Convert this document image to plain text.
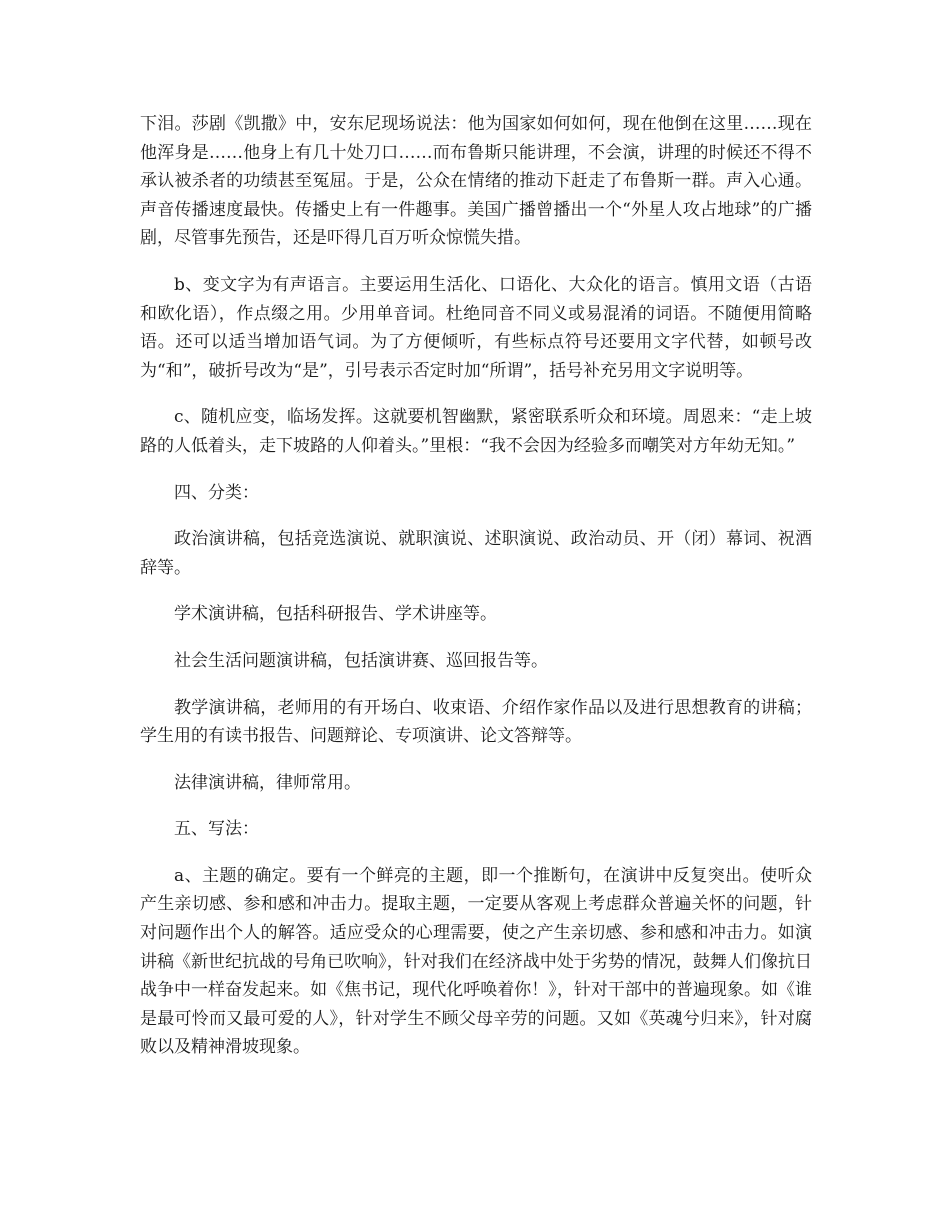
下泪。莎剧《凯撒》中，安东尼现场说法：他为国家如何如何，现在他倒在这里……现在他浑身是……他身上有几十处刀口……而布鲁斯只能讲理，不会演，讲理的时候还不得不承认被杀者的功绩甚至冤屈。于是，公众在情绪的推动下赶走了布鲁斯一群。声入心通。声音传播速度最快。传播史上有一件趣事。美国广播曾播出一个“外星人攻占地球”的广播剧，尽管事先预告，还是吓得几百万听众惊慌失措。

b、变文字为有声语言。主要运用生活化、口语化、大众化的语言。慎用文语（古语和欧化语），作点缀之用。少用单音词。杜绝同音不同义或易混淆的词语。不随便用简略语。还可以适当增加语气词。为了方便倾听，有些标点符号还要用文字代替，如顿号改为“和”，破折号改为“是”，引号表示否定时加“所谓”，括号补充另用文字说明等。

c、随机应变，临场发挥。这就要机智幽默，紧密联系听众和环境。周恩来：“走上坡路的人低着头，走下坡路的人仰着头。”里根：“我不会因为经验多而嘲笑对方年幼无知。”

四、分类：

政治演讲稿，包括竞选演说、就职演说、述职演说、政治动员、开（闭）幕词、祝酒辞等。

学术演讲稿，包括科研报告、学术讲座等。

社会生活问题演讲稿，包括演讲赛、巡回报告等。

教学演讲稿，老师用的有开场白、收束语、介绍作家作品以及进行思想教育的讲稿；学生用的有读书报告、问题辩论、专项演讲、论文答辩等。

法律演讲稿，律师常用。

五、写法：

a、主题的确定。要有一个鲜亮的主题，即一个推断句，在演讲中反复突出。使听众产生亲切感、参和感和冲击力。提取主题，一定要从客观上考虑群众普遍关怀的问题，针对问题作出个人的解答。适应受众的心理需要，使之产生亲切感、参和感和冲击力。如演讲稿《新世纪抗战的号角已吹响》，针对我们在经济战中处于劣势的情况，鼓舞人们像抗日战争中一样奋发起来。如《焦书记，现代化呼唤着你！》，针对干部中的普遍现象。如《谁是最可怜而又最可爱的人》，针对学生不顾父母辛劳的问题。又如《英魂兮归来》，针对腐败以及精神滑坡现象。
